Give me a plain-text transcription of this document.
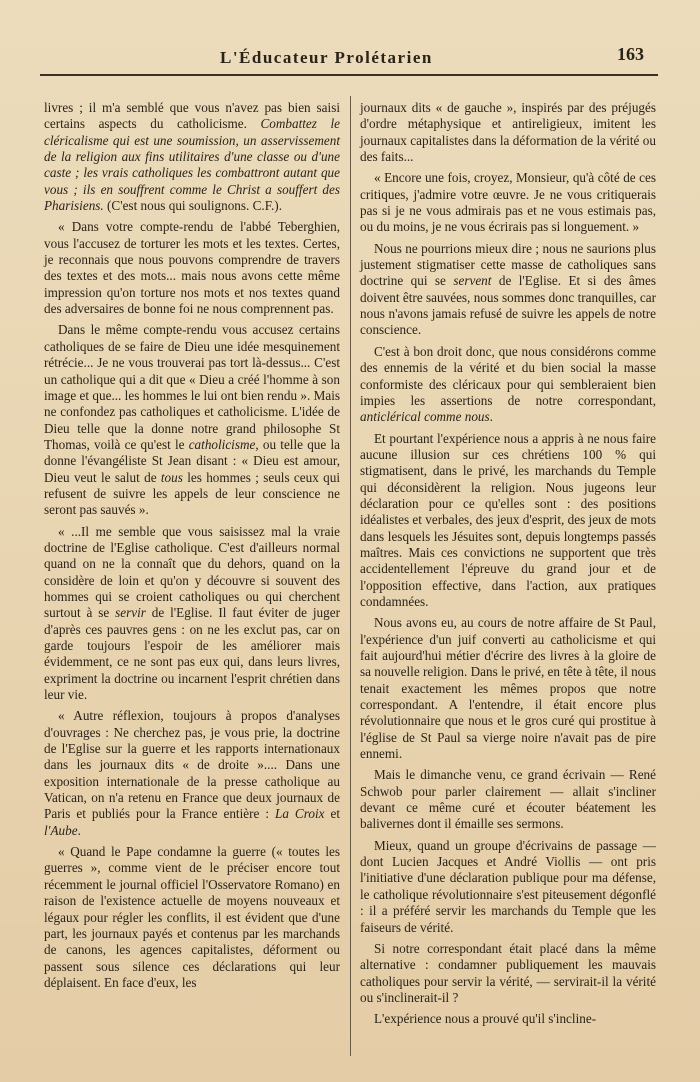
L'Éducateur Prolétarien	163

livres ; il m'a semblé que vous n'avez pas bien saisi certains aspects du catholicisme. Combattez le cléricalisme qui est une soumission, un asservissement de la religion aux fins utilitaires d'une classe ou d'une caste ; les vrais catholiques les combattront autant que vous ; ils en souffrent comme le Christ a souffert des Pharisiens. (C'est nous qui soulignons. C.F.).

« Dans votre compte-rendu de l'abbé Teberghien, vous l'accusez de torturer les mots et les textes. Certes, je reconnais que nous pouvons comprendre de travers des textes et des mots... mais nous avons cette même impression qu'on torture nos mots et nos textes quand des adversaires de bonne foi ne nous comprennent pas.

Dans le même compte-rendu vous accusez certains catholiques de se faire de Dieu une idée mesquinement rétrécie... Je ne vous trouverai pas tort là-dessus... C'est un catholique qui a dit que « Dieu a créé l'homme à son image et que... les hommes le lui ont bien rendu ». Mais ne confondez pas catholiques et catholicisme. L'idée de Dieu telle que la donne notre grand philosophe St Thomas, voilà ce qu'est le catholicisme, ou telle que la donne l'évangéliste St Jean disant : « Dieu est amour, Dieu veut le salut de tous les hommes ; seuls ceux qui refusent de suivre les appels de leur conscience ne seront pas sauvés ».

« ...Il me semble que vous saisissez mal la vraie doctrine de l'Eglise catholique. C'est d'ailleurs normal quand on ne la connaît que du dehors, quand on la considère de loin et qu'on y découvre si souvent des hommes qui se croient catholiques ou qui cherchent surtout à se servir de l'Eglise. Il faut éviter de juger d'après ces pauvres gens : on ne les exclut pas, car on garde toujours l'espoir de les améliorer mais évidemment, ce ne sont pas eux qui, dans leurs livres, expriment la doctrine ou incarnent l'esprit chrétien dans leur vie.

« Autre réflexion, toujours à propos d'analyses d'ouvrages : Ne cherchez pas, je vous prie, la doctrine de l'Eglise sur la guerre et les rapports internationaux dans les journaux dits « de droite ».... Dans une exposition internationale de la presse catholique au Vatican, on n'a retenu en France que deux journaux de Paris et publiés pour la France entière : La Croix et l'Aube.

« Quand le Pape condamne la guerre (« toutes les guerres », comme vient de le préciser encore tout récemment le journal officiel l'Osservatore Romano) en raison de l'existence actuelle de moyens nouveaux et légaux pour régler les conflits, il est évident que d'une part, les journaux payés et contenus par les marchands de canons, les agences capitalistes, déforment ou passent sous silence ces déclarations qui leur déplaisent. En face d'eux, les

journaux dits « de gauche », inspirés par des préjugés d'ordre métaphysique et antireligieux, imitent les journaux capitalistes dans la déformation de la vérité ou des faits...

« Encore une fois, croyez, Monsieur, qu'à côté de ces critiques, j'admire votre œuvre. Je ne vous critiquerais pas si je ne vous admirais pas et ne vous estimais pas, ou du moins, je ne vous écrirais pas si longuement. »

Nous ne pourrions mieux dire ; nous ne saurions plus justement stigmatiser cette masse de catholiques sans doctrine qui se servent de l'Eglise. Et si des âmes doivent être sauvées, nous sommes donc tranquilles, car nous n'avons jamais refusé de suivre les appels de notre conscience.

C'est à bon droit donc, que nous considérons comme des ennemis de la vérité et du bien social la masse conformiste des cléricaux pour qui sembleraient bien impies les assertions de notre correspondant, anticlérical comme nous.

Et pourtant l'expérience nous a appris à ne nous faire aucune illusion sur ces chrétiens 100 % qui stigmatisent, dans le privé, les marchands du Temple qui déconsidèrent la religion. Nous jugeons leur déclaration pour ce qu'elles sont : des positions idéalistes et verbales, des jeux d'esprit, des jeux de mots dans lesquels les Jésuites sont, depuis longtemps passés maîtres. Mais ces convictions ne supportent que très accidentellement l'épreuve du grand jour et de l'opposition effective, dans l'action, aux pratiques condamnées.

Nous avons eu, au cours de notre affaire de St Paul, l'expérience d'un juif converti au catholicisme et qui fait aujourd'hui métier d'écrire des livres à la gloire de sa nouvelle religion. Dans le privé, en tête à tête, il nous tenait exactement les mêmes propos que notre correspondant. A l'entendre, il était encore plus révolutionnaire que nous et le gros curé qui prostitue à l'église de St Paul sa vierge noire n'avait pas de pire ennemi.

Mais le dimanche venu, ce grand écrivain — René Schwob pour parler clairement — allait s'incliner devant ce même curé et écouter béatement les balivernes dont il émaille ses sermons.

Mieux, quand un groupe d'écrivains de passage — dont Lucien Jacques et André Viollis — ont pris l'initiative d'une déclaration publique pour ma défense, le catholique révolutionnaire s'est piteusement dégonflé : il a préféré servir les marchands du Temple que les faiseurs de vérité.

Si notre correspondant était placé dans la même alternative : condamner publiquement les mauvais catholiques pour servir la vérité, — servirait-il la vérité ou s'inclinerait-il ?

L'expérience nous a prouvé qu'il s'incline-
